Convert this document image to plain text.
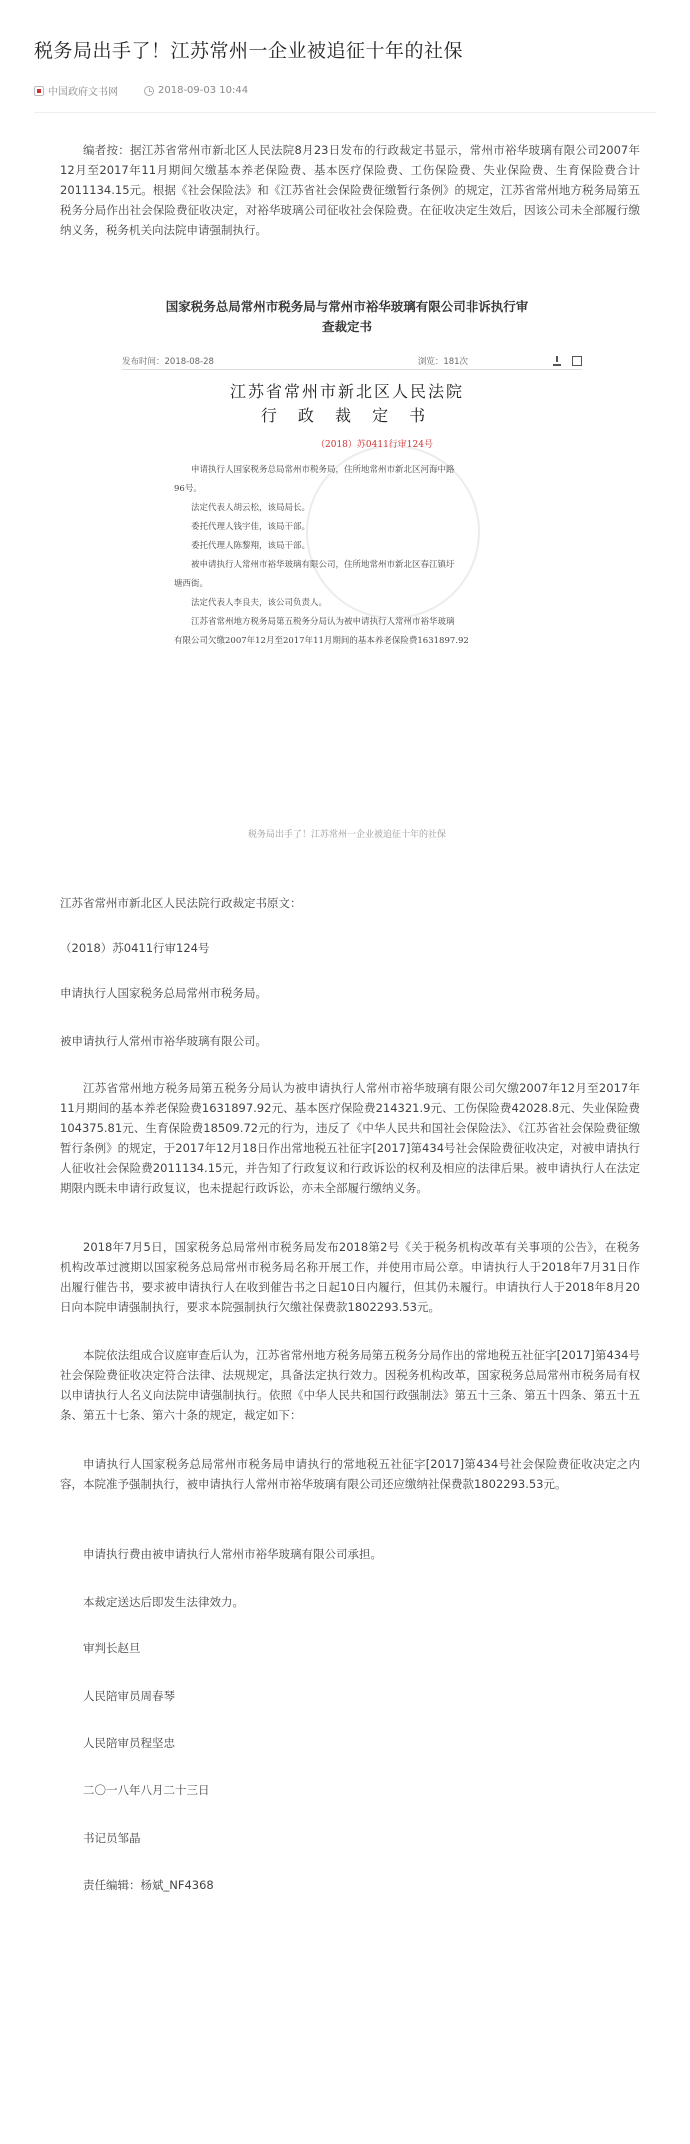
税务局出手了！江苏常州一企业被追征十年的社保
中国政府文书网	2018-09-03 10:44

编者按：据江苏省常州市新北区人民法院8月23日发布的行政裁定书显示，常州市裕华玻璃有限公司2007年12月至2017年11月期间欠缴基本养老保险费、基本医疗保险费、工伤保险费、失业保险费、生育保险费合计2011134.15元。根据《社会保险法》和《江苏省社会保险费征缴暂行条例》的规定，江苏省常州地方税务局第五税务分局作出社会保险费征收决定，对裕华玻璃公司征收社会保险费。在征收决定生效后，因该公司未全部履行缴纳义务，税务机关向法院申请强制执行。

国家税务总局常州市税务局与常州市裕华玻璃有限公司非诉执行审
查裁定书
发布时间：2018-08-28	浏览：181次
江苏省常州市新北区人民法院
行 政 裁 定 书
（2018）苏0411行审124号
申请执行人国家税务总局常州市税务局，住所地常州市新北区河海中路
96号。
法定代表人胡云松，该局局长。
委托代理人钱宇佳，该局干部。
委托代理人陈黎翔，该局干部。
被申请执行人常州市裕华玻璃有限公司，住所地常州市新北区春江镇圩
塘西街。
法定代表人李良夫，该公司负责人。
江苏省常州地方税务局第五税务分局认为被申请执行人常州市裕华玻璃
有限公司欠缴2007年12月至2017年11月期间的基本养老保险费1631897.92
税务局出手了！江苏常州一企业被追征十年的社保

江苏省常州市新北区人民法院行政裁定书原文：

（2018）苏0411行审124号

申请执行人国家税务总局常州市税务局。

被申请执行人常州市裕华玻璃有限公司。

江苏省常州地方税务局第五税务分局认为被申请执行人常州市裕华玻璃有限公司欠缴2007年12月至2017年11月期间的基本养老保险费1631897.92元、基本医疗保险费214321.9元、工伤保险费42028.8元、失业保险费104375.81元、生育保险费18509.72元的行为，违反了《中华人民共和国社会保险法》、《江苏省社会保险费征缴暂行条例》的规定，于2017年12月18日作出常地税五社征字[2017]第434号社会保险费征收决定，对被申请执行人征收社会保险费2011134.15元，并告知了行政复议和行政诉讼的权利及相应的法律后果。被申请执行人在法定期限内既未申请行政复议，也未提起行政诉讼，亦未全部履行缴纳义务。

2018年7月5日，国家税务总局常州市税务局发布2018第2号《关于税务机构改革有关事项的公告》，在税务机构改革过渡期以国家税务总局常州市税务局名称开展工作，并使用市局公章。申请执行人于2018年7月31日作出履行催告书，要求被申请执行人在收到催告书之日起10日内履行，但其仍未履行。申请执行人于2018年8月20日向本院申请强制执行，要求本院强制执行欠缴社保费款1802293.53元。

本院依法组成合议庭审查后认为，江苏省常州地方税务局第五税务分局作出的常地税五社征字[2017]第434号社会保险费征收决定符合法律、法规规定，具备法定执行效力。因税务机构改革，国家税务总局常州市税务局有权以申请执行人名义向法院申请强制执行。依照《中华人民共和国行政强制法》第五十三条、第五十四条、第五十五条、第五十七条、第六十条的规定，裁定如下：

申请执行人国家税务总局常州市税务局申请执行的常地税五社征字[2017]第434号社会保险费征收决定之内容，本院准予强制执行，被申请执行人常州市裕华玻璃有限公司还应缴纳社保费款1802293.53元。

申请执行费由被申请执行人常州市裕华玻璃有限公司承担。

本裁定送达后即发生法律效力。

审判长赵旦

人民陪审员周春琴

人民陪审员程坚忠

二〇一八年八月二十三日

书记员邹晶

责任编辑：杨斌_NF4368
